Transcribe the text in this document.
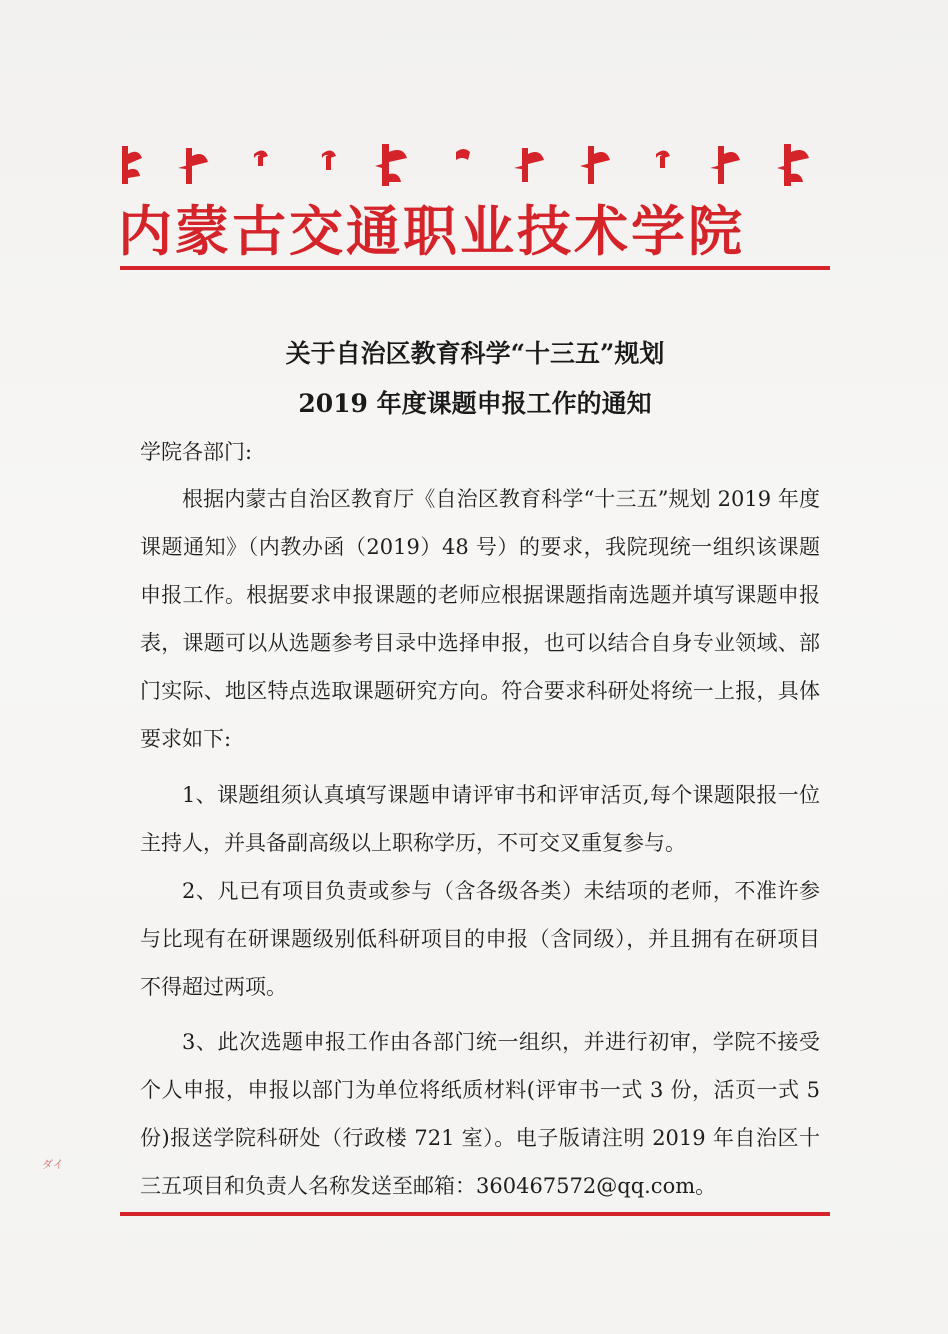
内蒙古交通职业技术学院
关于自治区教育科学“十三五”规划
2019 年度课题申报工作的通知

学院各部门:

根据内蒙古自治区教育厅《自治区教育科学“十三五”规划 2019 年度课题通知》（内教办函（2019）48 号）的要求，我院现统一组织该课题申报工作。根据要求申报课题的老师应根据课题指南选题并填写课题申报表，课题可以从选题参考目录中选择申报，也可以结合自身专业领域、部门实际、地区特点选取课题研究方向。符合要求科研处将统一上报，具体要求如下:

1、课题组须认真填写课题申请评审书和评审活页,每个课题限报一位主持人，并具备副高级以上职称学历，不可交叉重复参与。

2、凡已有项目负责或参与（含各级各类）未结项的老师，不准许参与比现有在研课题级别低科研项目的申报（含同级），并且拥有在研项目不得超过两项。

3、此次选题申报工作由各部门统一组织，并进行初审，学院不接受个人申报，申报以部门为单位将纸质材料(评审书一式 3 份，活页一式 5 份)报送学院科研处（行政楼 721 室）。电子版请注明 2019 年自治区十三五项目和负责人名称发送至邮箱：360467572@qq.com。

ダイ
